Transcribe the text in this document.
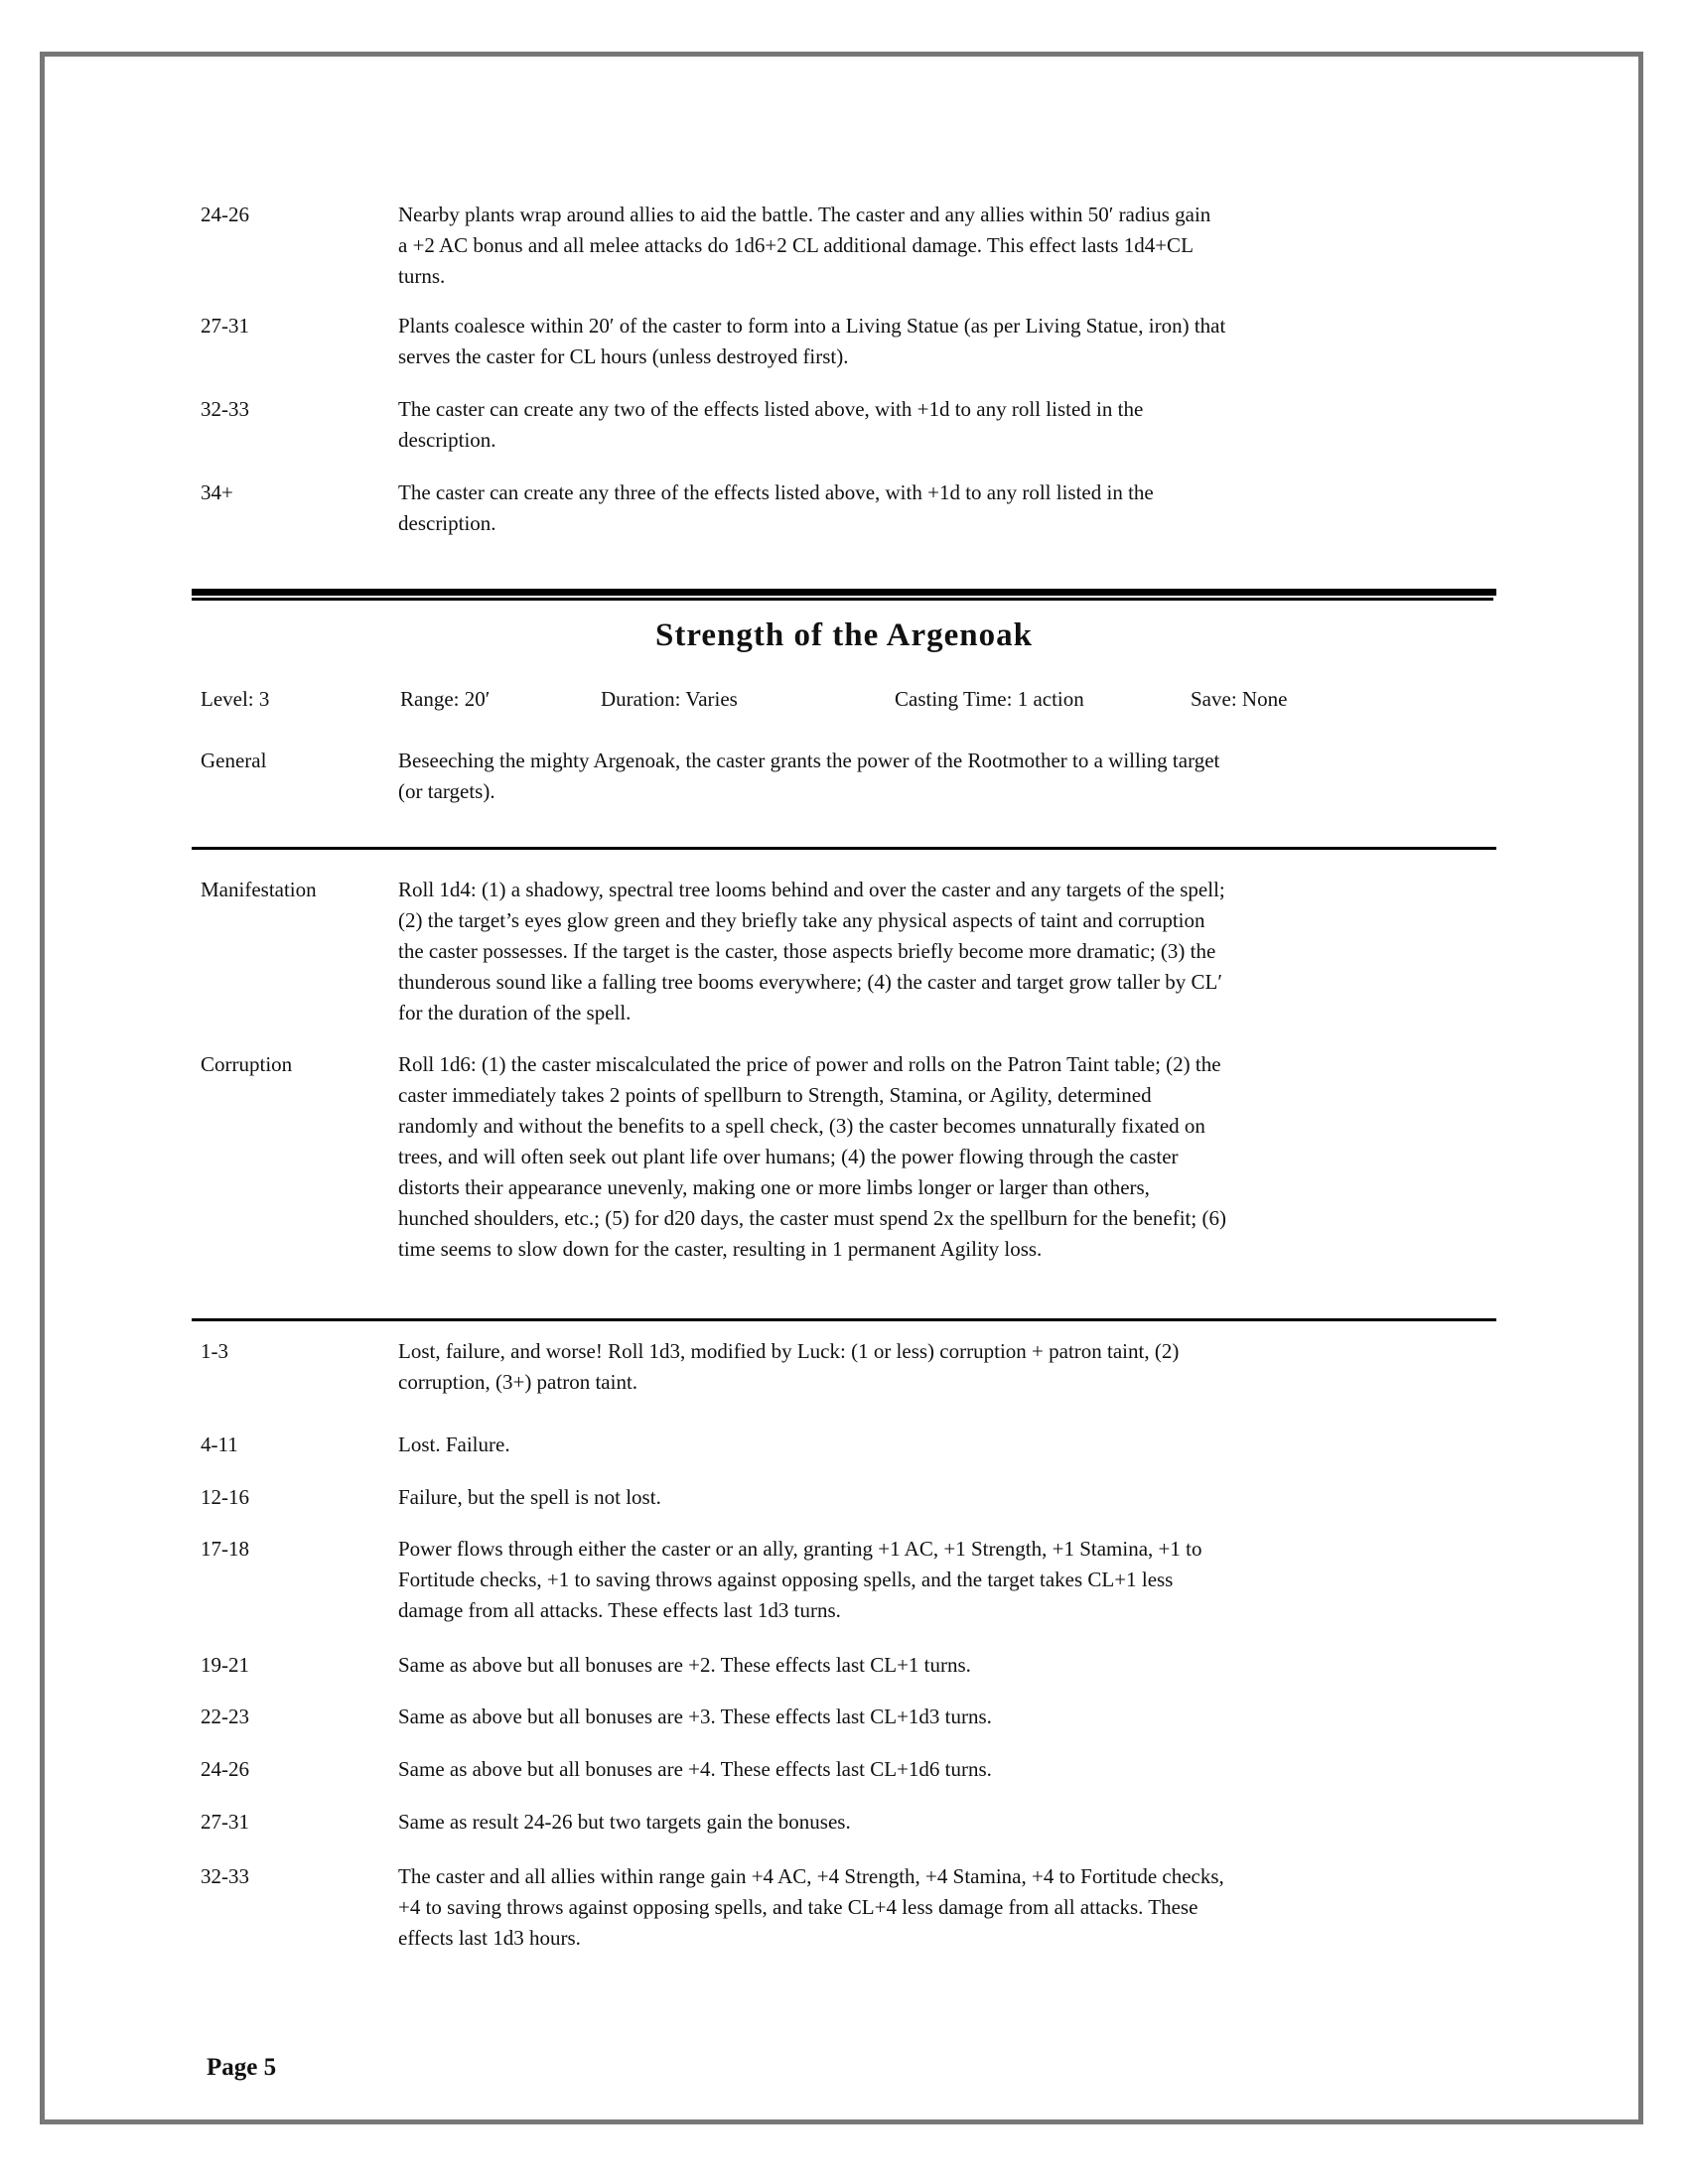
24-26	Nearby plants wrap around allies to aid the battle. The caster and any allies within 50′ radius gain
a +2 AC bonus and all melee attacks do 1d6+2 CL additional damage. This effect lasts 1d4+CL
turns.
27-31	Plants coalesce within 20′ of the caster to form into a Living Statue (as per Living Statue, iron) that
serves the caster for CL hours (unless destroyed first).
32-33	The caster can create any two of the effects listed above, with +1d to any roll listed in the
description.
34+	The caster can create any three of the effects listed above, with +1d to any roll listed in the
description.
Strength of the Argenoak
Level: 3	Range: 20′	Duration: Varies	Casting Time: 1 action	Save: None
General	Beseeching the mighty Argenoak, the caster grants the power of the Rootmother to a willing target
(or targets).
Manifestation	Roll 1d4: (1) a shadowy, spectral tree looms behind and over the caster and any targets of the spell;
(2) the target’s eyes glow green and they briefly take any physical aspects of taint and corruption
the caster possesses. If the target is the caster, those aspects briefly become more dramatic; (3) the
thunderous sound like a falling tree booms everywhere; (4) the caster and target grow taller by CL′
for the duration of the spell.
Corruption	Roll 1d6: (1) the caster miscalculated the price of power and rolls on the Patron Taint table; (2) the
caster immediately takes 2 points of spellburn to Strength, Stamina, or Agility, determined
randomly and without the benefits to a spell check, (3) the caster becomes unnaturally fixated on
trees, and will often seek out plant life over humans; (4) the power flowing through the caster
distorts their appearance unevenly, making one or more limbs longer or larger than others,
hunched shoulders, etc.; (5) for d20 days, the caster must spend 2x the spellburn for the benefit; (6)
time seems to slow down for the caster, resulting in 1 permanent Agility loss.
1-3	Lost, failure, and worse! Roll 1d3, modified by Luck: (1 or less) corruption + patron taint, (2)
corruption, (3+) patron taint.
4-11	Lost. Failure.
12-16	Failure, but the spell is not lost.
17-18	Power flows through either the caster or an ally, granting +1 AC, +1 Strength, +1 Stamina, +1 to
Fortitude checks, +1 to saving throws against opposing spells, and the target takes CL+1 less
damage from all attacks. These effects last 1d3 turns.
19-21	Same as above but all bonuses are +2. These effects last CL+1 turns.
22-23	Same as above but all bonuses are +3. These effects last CL+1d3 turns.
24-26	Same as above but all bonuses are +4. These effects last CL+1d6 turns.
27-31	Same as result 24-26 but two targets gain the bonuses.
32-33	The caster and all allies within range gain +4 AC, +4 Strength, +4 Stamina, +4 to Fortitude checks,
+4 to saving throws against opposing spells, and take CL+4 less damage from all attacks. These
effects last 1d3 hours.
Page 5
